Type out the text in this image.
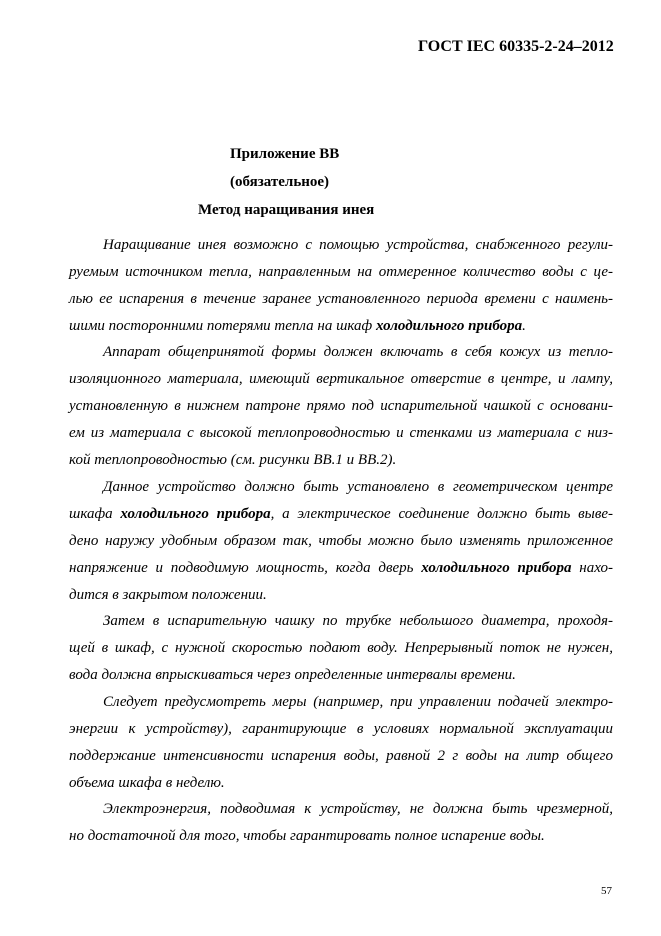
ГОСТ IEC 60335-2-24–2012
Приложение ВВ
(обязательное)
Метод наращивания инея
Наращивание инея возможно с помощью устройства, снабженного регули-
руемым источником тепла, направленным на отмеренное количество воды с це-
лью ее испарения в течение заранее установленного периода времени с наимень-
шими посторонними потерями тепла на шкаф холодильного прибора.
Аппарат общепринятой формы должен включать в себя кожух из тепло-
изоляционного материала, имеющий вертикальное отверстие в центре, и лампу,
установленную в нижнем патроне прямо под испарительной чашкой с основани-
ем из материала с высокой теплопроводностью и стенками из материала с низ-
кой теплопроводностью (см. рисунки ВВ.1 и ВВ.2).
Данное устройство должно быть установлено в геометрическом центре
шкафа холодильного прибора, а электрическое соединение должно быть выве-
дено наружу удобным образом так, чтобы можно было изменять приложенное
напряжение и подводимую мощность, когда дверь холодильного прибора нахо-
дится в закрытом положении.
Затем в испарительную чашку по трубке небольшого диаметра, проходя-
щей в шкаф, с нужной скоростью подают воду. Непрерывный поток не нужен,
вода должна впрыскиваться через определенные интервалы времени.
Следует предусмотреть меры (например, при управлении подачей электро-
энергии к устройству), гарантирующие в условиях нормальной эксплуатации
поддержание интенсивности испарения воды, равной 2 г воды на литр общего
объема шкафа в неделю.
Электроэнергия, подводимая к устройству, не должна быть чрезмерной,
но достаточной для того, чтобы гарантировать полное испарение воды.
57
